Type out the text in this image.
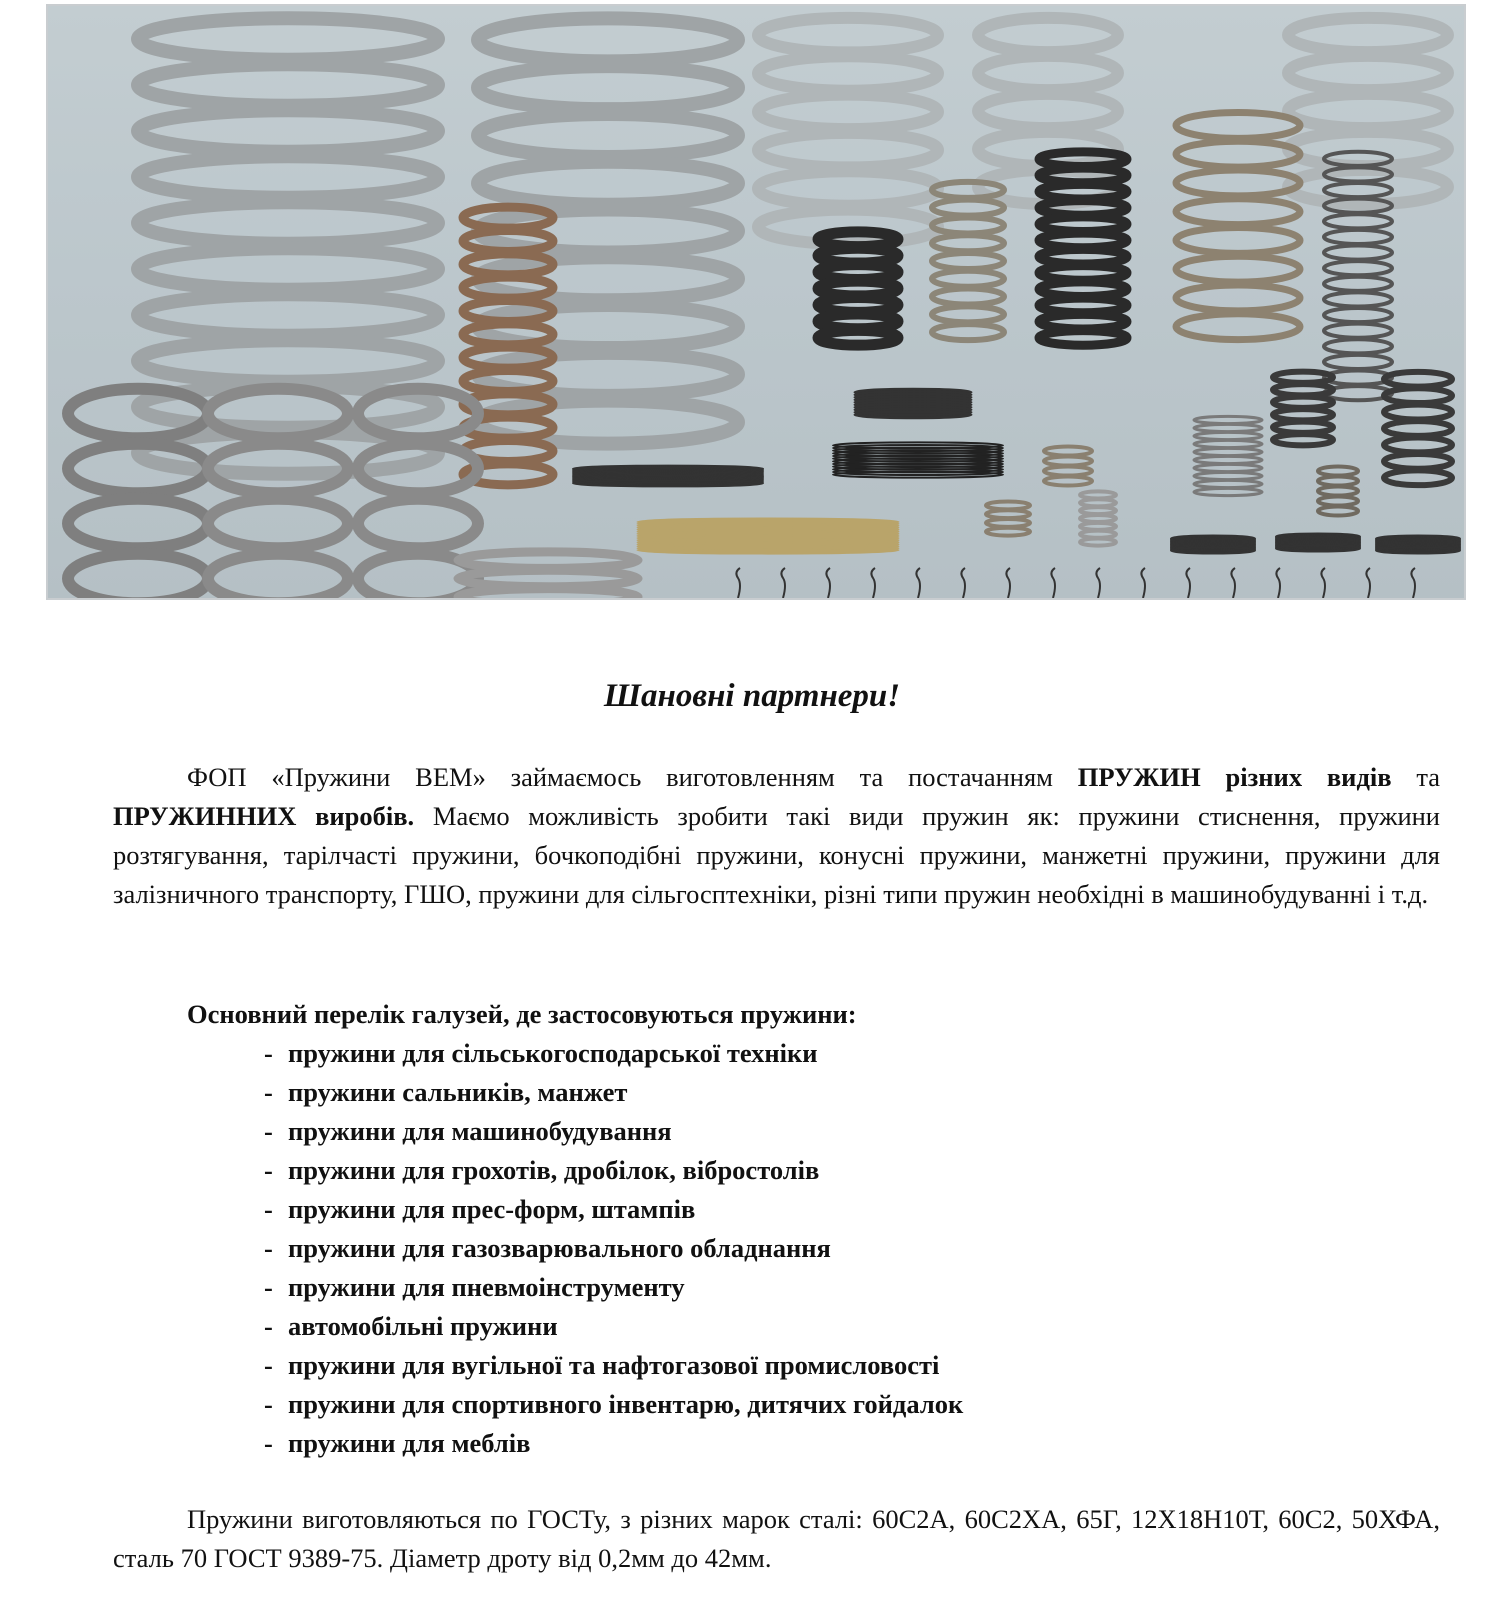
Шановні партнери!

ФОП «Пружини ВЕМ» займаємось виготовленням та постачанням ПРУЖИН різних видів та ПРУЖИННИХ виробів. Маємо можливість зробити такі види пружин як: пружини стиснення, пружини розтягування, тарілчасті пружини, бочкоподібні пружини, конусні пружини, манжетні пружини, пружини для залізничного транспорту, ГШО, пружини для сільгосптехніки, різні типи пружин необхідні в машинобудуванні і т.д.

Основний перелік галузей, де застосовуються пружини:

- пружини для сільськогосподарської техніки
- пружини сальників, манжет
- пружини для машинобудування
- пружини для грохотів, дробілок, вібростолів
- пружини для прес-форм, штампів
- пружини для газозварювального обладнання
- пружини для пневмоінструменту
- автомобільні пружини
- пружини для вугільної та нафтогазової промисловості
- пружини для спортивного інвентарю, дитячих гойдалок
- пружини для меблів

Пружини виготовляються по ГОСТу, з різних марок сталі: 60С2А, 60С2ХА, 65Г, 12Х18Н10Т, 60С2, 50ХФА, сталь 70 ГОСТ 9389-75. Діаметр дроту від 0,2мм до 42мм.
